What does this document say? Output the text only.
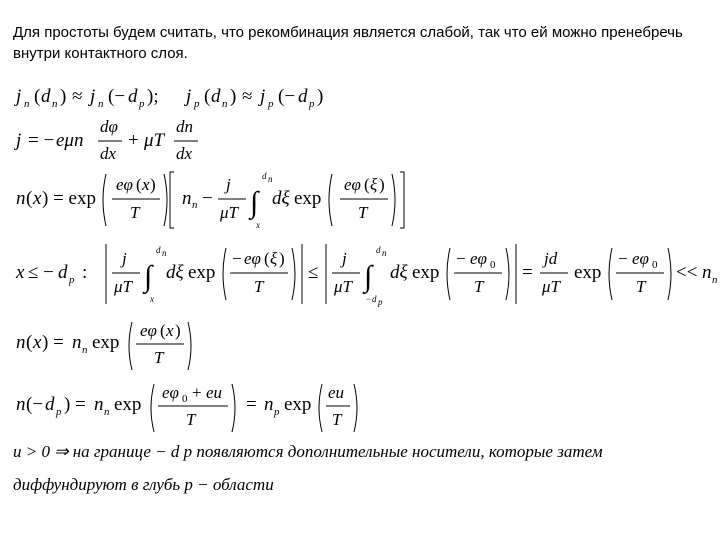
Для простоты будем считать, что рекомбинация является слабой, так что ей можно пренебречь внутри контактного слоя.
j n ( d n ) ≈ j n (− d p ); j p ( d n ) ≈ j p (− d p )
j = − eμn
dφ
dx
+ μT
dn
dx
n ( x ) = exp
eφ ( x )
T
n n −
j
μT ∫
d n
x
dξ exp
eφ ( ξ )
T
x ≤ − d p :
j
μT ∫
d n
x
dξ exp
− eφ ( ξ )
T
≤
j
μT ∫
d n
− d p
dξ exp
− eφ 0
T
=
jd
μT
exp
− eφ 0
T
<< n n
n ( x ) = n n exp
eφ ( x )
T
n (− d p ) = n n exp
eφ 0 + eu
T
= n p exp
eu
T
u > 0 ⇒ на границе − d p появляются дополнительные носители, которые затем
диффундируют в глубь p − области
